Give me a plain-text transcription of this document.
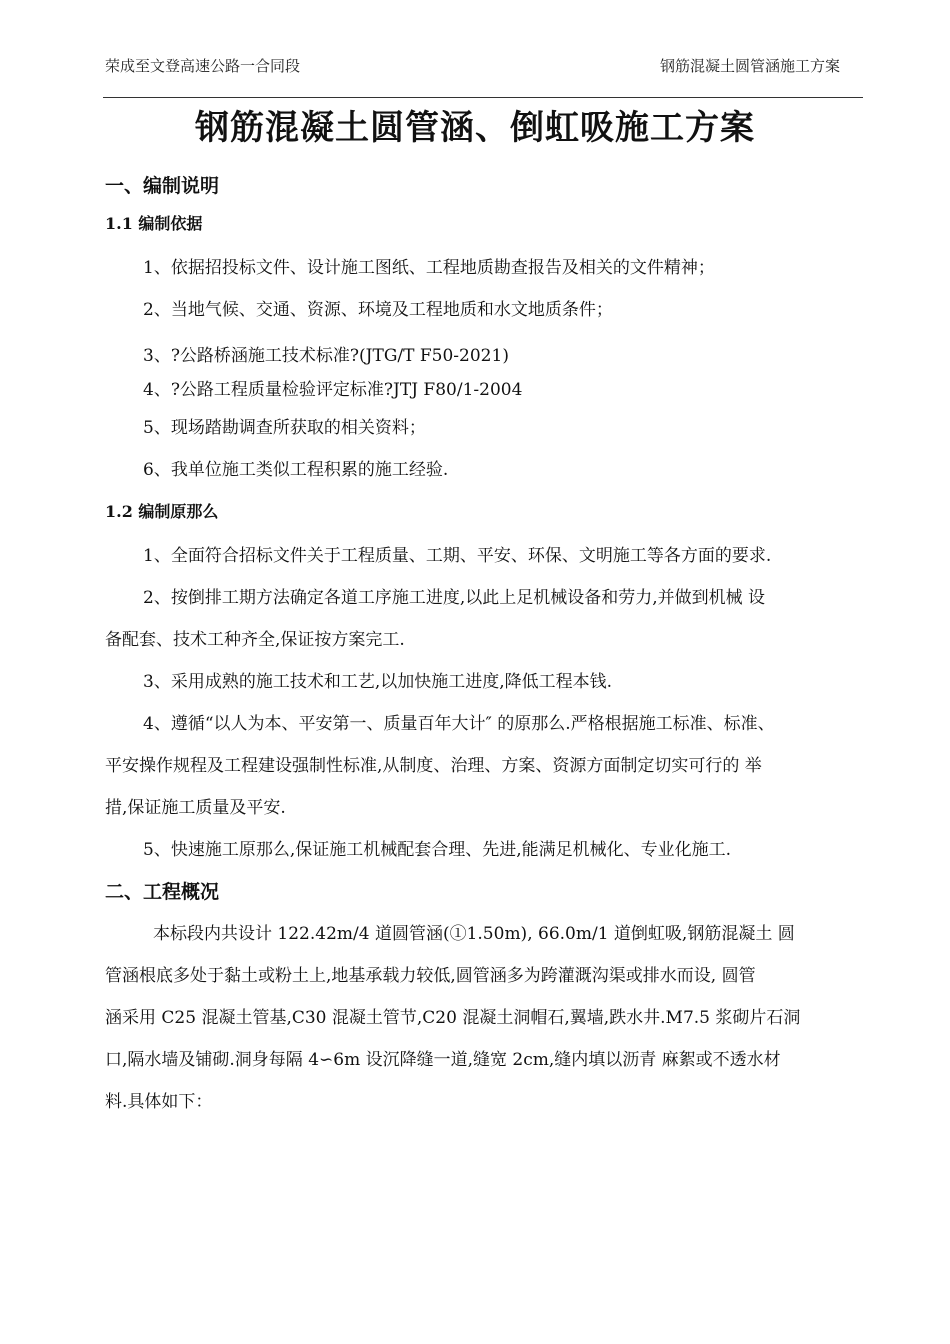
荣成至文登高速公路一合同段	钢筋混凝土圆管涵施工方案
钢筋混凝土圆管涵、倒虹吸施工方案
一、编制说明
1.1 编制依据
1、依据招投标文件、设计施工图纸、工程地质勘查报告及相关的文件精神；
2、当地气候、交通、资源、环境及工程地质和水文地质条件；
3、?公路桥涵施工技术标准?(JTG/T F50-2021)
4、?公路工程质量检验评定标准?JTJ F80/1-2004
5、现场踏勘调查所获取的相关资料；
6、我单位施工类似工程积累的施工经验.
1.2 编制原那么
1、全面符合招标文件关于工程质量、工期、平安、环保、文明施工等各方面的要求.
2、按倒排工期方法确定各道工序施工进度,以此上足机械设备和劳力,并做到机械 设
备配套、技术工种齐全,保证按方案完工.
3、采用成熟的施工技术和工艺,以加快施工进度,降低工程本钱.
4、遵循“以人为本、平安第一、质量百年大计″ 的原那么.严格根据施工标准、标准、
平安操作规程及工程建设强制性标准,从制度、治理、方案、资源方面制定切实可行的 举
措,保证施工质量及平安.
5、快速施工原那么,保证施工机械配套合理、先进,能满足机械化、专业化施工.
二、工程概况
本标段内共设计 122.42m/4 道圆管涵(①1.50m), 66.0m/1 道倒虹吸,钢筋混凝土 圆
管涵根底多处于黏土或粉土上,地基承载力较低,圆管涵多为跨灌溉沟渠或排水而设, 圆管
涵采用 C25 混凝土管基,C30 混凝土管节,C20 混凝土洞帽石,翼墙,跌水井.M7.5 浆砌片石洞
口,隔水墙及铺砌.洞身每隔 4∽6m 设沉降缝一道,缝宽 2cm,缝内填以沥青 麻絮或不透水材
料.具体如下：
